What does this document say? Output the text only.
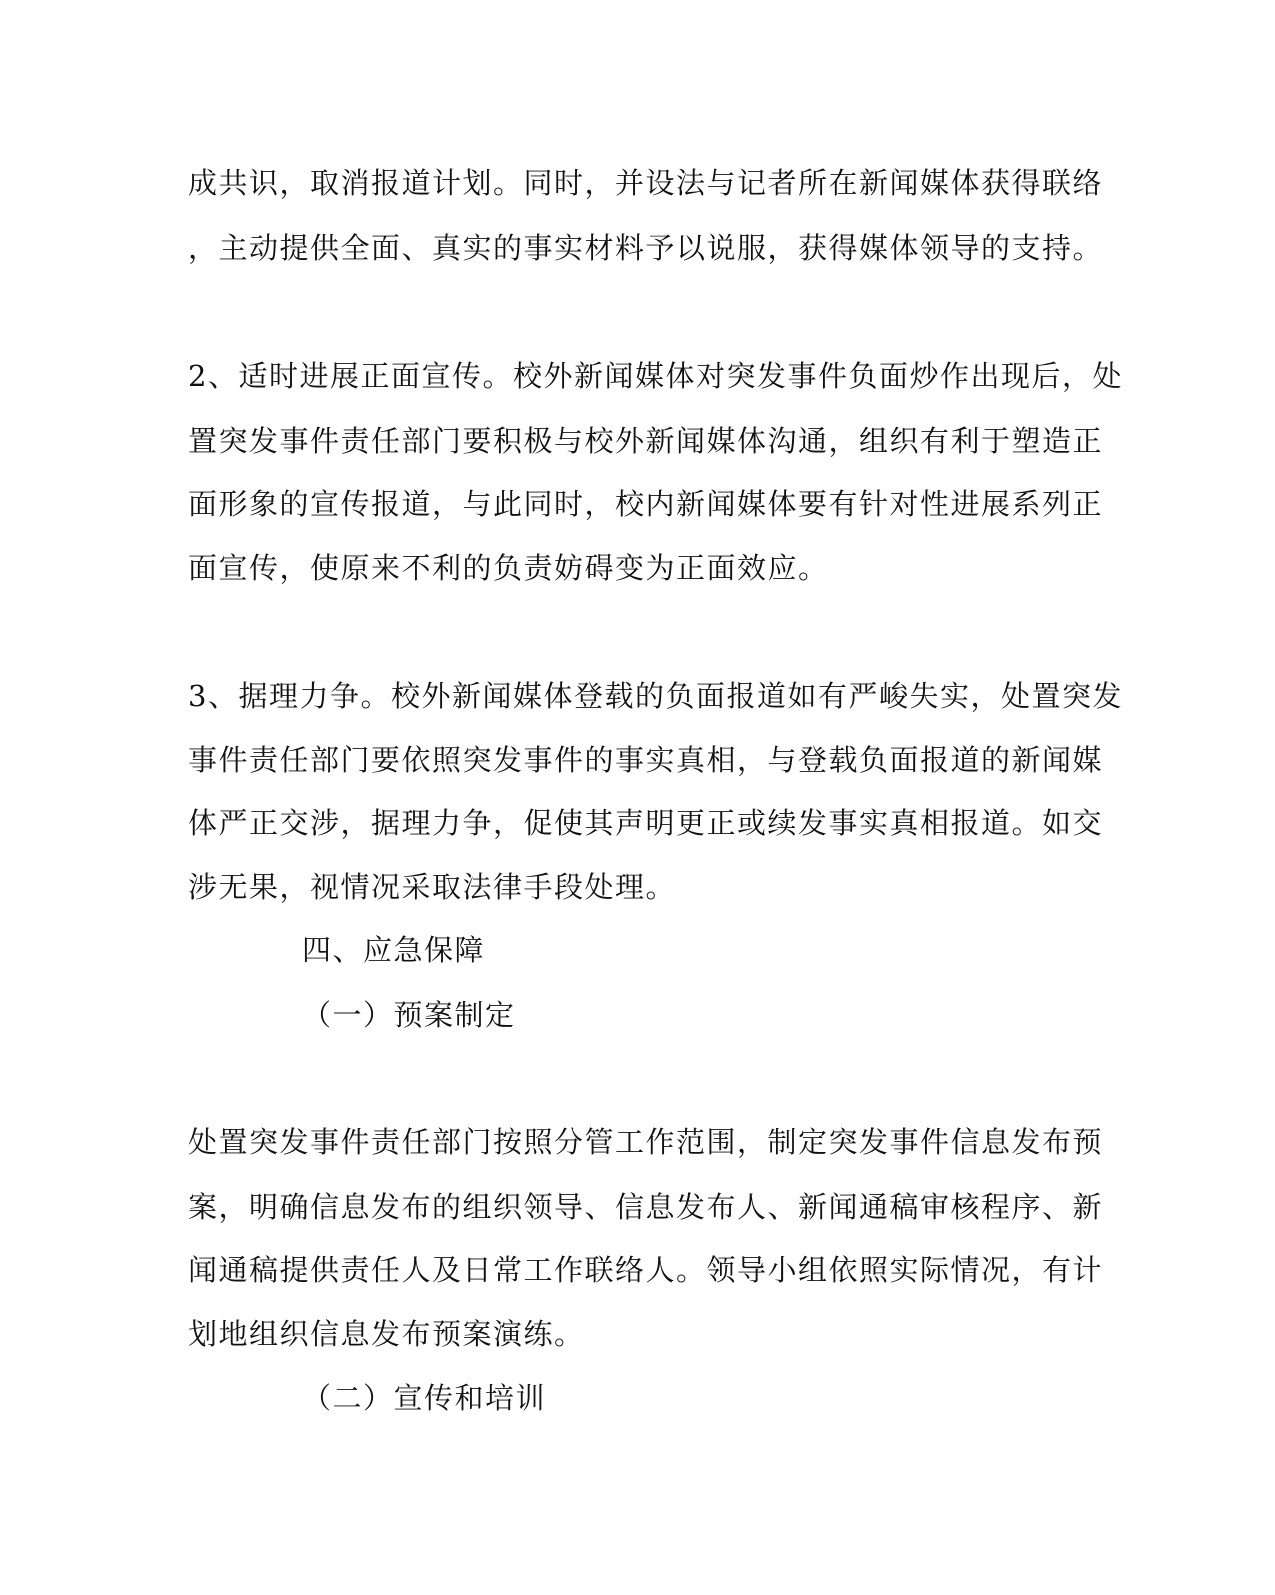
成共识，取消报道计划。同时，并设法与记者所在新闻媒体获得联络
，主动提供全面、真实的事实材料予以说服，获得媒体领导的支持。
2、适时进展正面宣传。校外新闻媒体对突发事件负面炒作出现后，处
置突发事件责任部门要积极与校外新闻媒体沟通，组织有利于塑造正
面形象的宣传报道，与此同时，校内新闻媒体要有针对性进展系列正
面宣传，使原来不利的负责妨碍变为正面效应。
3、据理力争。校外新闻媒体登载的负面报道如有严峻失实，处置突发
事件责任部门要依照突发事件的事实真相，与登载负面报道的新闻媒
体严正交涉，据理力争，促使其声明更正或续发事实真相报道。如交
涉无果，视情况采取法律手段处理。
四、应急保障
（一）预案制定
处置突发事件责任部门按照分管工作范围，制定突发事件信息发布预
案，明确信息发布的组织领导、信息发布人、新闻通稿审核程序、新
闻通稿提供责任人及日常工作联络人。领导小组依照实际情况，有计
划地组织信息发布预案演练。
（二）宣传和培训
